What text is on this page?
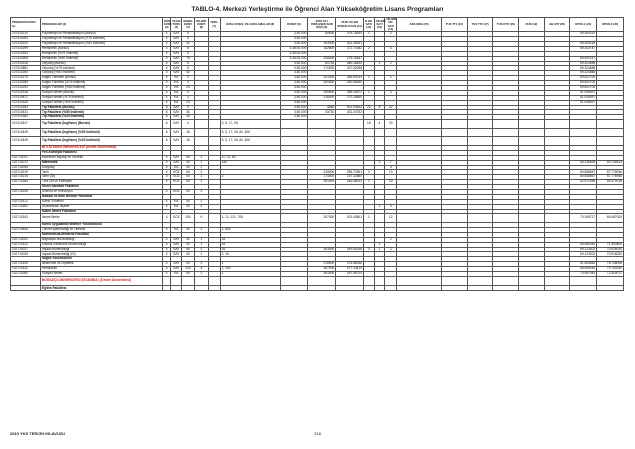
TABLO-4. Merkezi Yerleştirme ile Öğrenci Alan Yükseköğretim Lisans Programları
PROGRAM KODU (1)	PROGRAM ADI (2)	ÖĞR. SÜRE (3)	PUAN TÜRÜ (4)	GENEL KONT. (5)	OK.BİR. KONT. (6)	YERL. (7)	ÖZEL KOŞUL VE AÇIKLAMALAR (8)	ÜCRET (9)	2018 YILI YERLEŞEN SON KİŞİ (10)	2018 YILI EN DÜŞÜK PUAN (11)	K.OK. SAYI (12)	OK.BİR. SAYI (13)	OK.BİR. ÖN. SAYI (14)	ARA SIRA (15)	TUS TT1 (16)	TUS TT2 (17)	TUS KTP (18)	DUS (19)	AB AYP (20)	KPSS-1 (21)	KPSS-2 (22)
107410210	Fizyoterapi ve Rehabilitasyon (Burslu)	4	SAY	5				3.50.000	80630	375.78254	1		2							69.309319	
107410263	Fizyoterapi ve Rehabilitasyon (%75 İndirimli)	4	SAY	5				3.50.000													
107410225	Fizyoterapi ve Rehabilitasyon (%50 İndirimli)	4	SAY	41				3.50.000	153000	302.26531										69.305218	
107410299	Hemşirelik (Burslu)	4	SAY	5				3.38.00.000	162800	272.71582	2		4							69.302747	
107410303	Hemşirelik (%75 İndirimli)	4	SAY	5				3.38.00.000													
107410308	Hemşirelik (%50 İndirimli)	4	SAY	76				3.38.00.000	208000	275.15347										69.900247	
107410316	Odyoloji (Burslu)	4	SAY	5				3.50.000	80730	360.18440		1	2							69.324689	
107410881	Odyoloji (%75 İndirimli)	4	SAY	5				3.50.000	170000	327.62098										69.324688	
107410280	Odyoloji (%50 İndirimli)	4	SAY	40				3.50.000												69.324688	
107410275	Sağlık Yönetimi (Burslu)	4	EA	3				3.60.000	241000	285.50134	1		2							69.502700	
107410289	Sağlık Yönetimi (%75 İndirimli)	4	EA	3				3.60.000	300000	260.58050										69.502700	
107410293	Sağlık Yönetimi (%50 İndirimli)	4	EA	24				3.60.000												69.502700	
107410318	Sosyal Hizmet (Burslu)	4	EA	3				3.60.000	255000	285.40872	1		3							61.008597	
107410871	Sosyal Hizmet (%75 İndirimli)	4	EA	3				3.60.000	316000	270.18650										61.008597	
107410326	Sosyal Hizmet (%50 İndirimli)	4	EA	24				3.60.000												61.008597	
107410354	Tıp Fakültesi (Burslu)	6	SAY	5				3.60.000	4560	501.93452	20	8	32								
107410431	Tıp Fakültesi (%50 İndirimli)	6	SAY	36				3.60.000	33730	431.23752											
107410363	Tıp Fakültesi (%25 İndirimli)	6	SAY	35				3.60.000													
107410447	Tıp Fakültesi (İngilizce) (Burslu)	6	SAY	4			3, 5, 17, 28				18	4	30								
107410449	Tıp Fakültesi (İngilizce) (%50 İndirimli)	6	SAY	18			3, 5, 17, 28, 60, 800														
107410449	Tıp Fakültesi (İngilizce) (%25 İndirimli)	6	SAY	18			3, 5, 17, 28, 60, 800														
	BİTLİS EREN ÜNİVERSİTESİ (Devlet Üniversitesi)																				
	Fen-Edebiyat Fakültesi																				
102710021	Moleküler Biyoloji ve Genetik	4	SAY	60	1		11, 21, 80														
102710072	Matematik	4	SAY	30	1		140					2	7							65.138828	59.736514
102710034	Sosyoloji	4	EA	30	1								4								
102710219	Tarih	4	SÖZ	60	2				318000	256.73351	2		13							60.568667	57.776946
102710215	Tarih (İÖ)	4	SÖZ	40	1		2		174000	237.32880										60.568667	57.776946
102710264	Türk Dili ve Edebiyatı	4	SÖZ	60	2				351000	280.48012	1		10							62.971555	59.470018
	Güzel Sanatlar Fakültesi																				
102710249	Sinema ve Televizyon	4	SÖZ	50	2																
	İktisadi ve İdari Bilimler Fakültesi																				
102710112	Kamu Yönetimi	4	EA	50	2																
102710281	Uluslararası İlişkiler	4	EA	50	2							1	3								
	İslami İlimler Fakültesi																				
102710163	İslami İlimler	4	SÖZ	150	6		1, 12, 121, 706		267000	302.43601	1		12							70.195727	69.487009
	Kamu Uygulamalı Bilimler Yüksekokulu																				
102710634	Turizm İşletmeciliği ve Otelcilik	4	EA	30	1		1, 840														
	Mühendislik-Mimarlık Fakültesi																				
102710021	Bilgisayar Mühendisliği	4	SAY	30	1		16						2								
102710122	Elektrik-Elektronik Mühendisliği	4	SAY	30	1		16					1								64.965344	71.393500
102710017	İnşaat Mühendisliği	4	SAY	60	2		16		263000	249.60246	3	1	2							69.123402	70.916030
102710025	İnşaat Mühendisliği (İÖ)	4	SAY	40	1		2, 16													69.123402	70.916030
	Sağlık Yüksekokulu																				
102710105	Beslenme ve Diyetetik	4	SAY	50	2		1		215000	275.56046										61.064682	78.738006
102710132	Hemşirelik	4	SAY	120	4		1, 160		267000	277.14410										66.906416	79.740290
102710260	Sosyal Hizmet	4	EA	50	2		1		361000	257.95724										74.957944	72.400072
	BOĞAZİÇİ ÜNİVERSİTESİ (İSTANBUL) (Devlet Üniversitesi)																				
	Eğitim Fakültesi																				
2019 YKS TERCİH KILAVUZU	318
